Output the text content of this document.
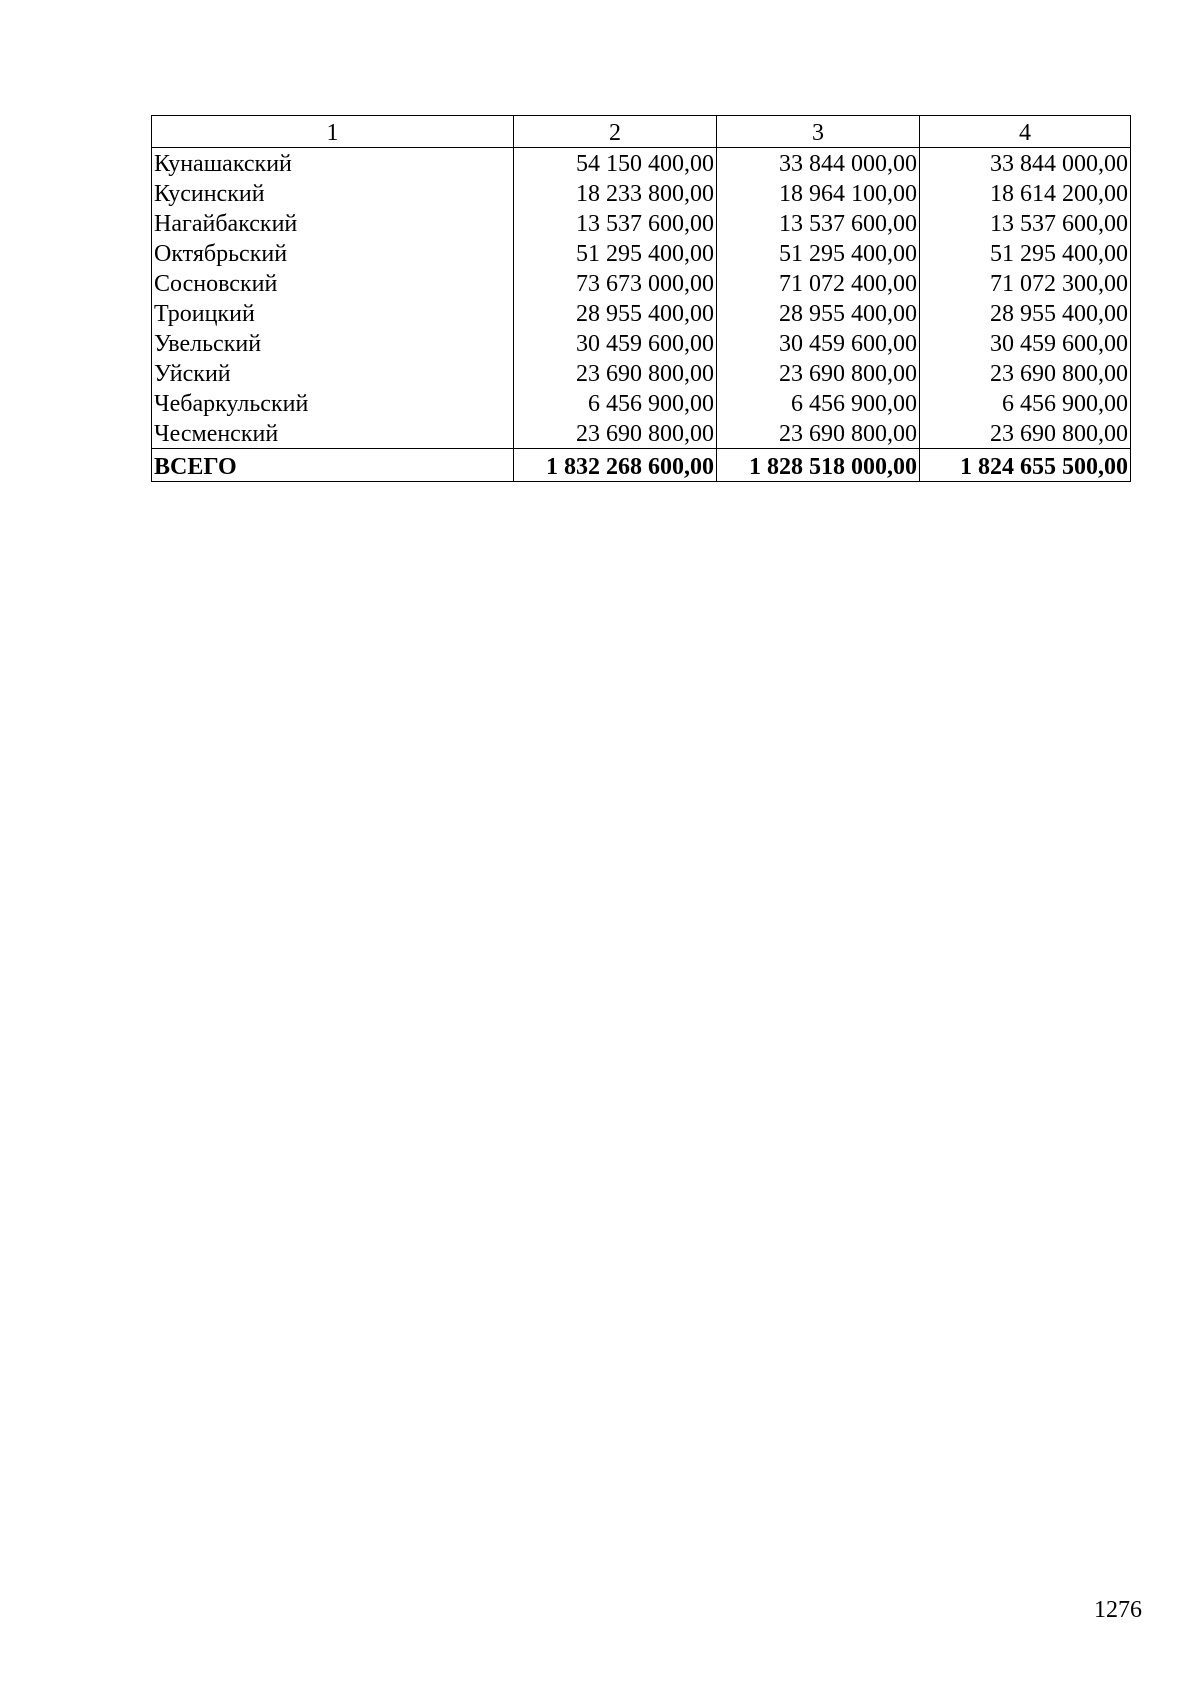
1	2	3	4
Кунашакский	54 150 400,00	33 844 000,00	33 844 000,00
Кусинский	18 233 800,00	18 964 100,00	18 614 200,00
Нагайбакский	13 537 600,00	13 537 600,00	13 537 600,00
Октябрьский	51 295 400,00	51 295 400,00	51 295 400,00
Сосновский	73 673 000,00	71 072 400,00	71 072 300,00
Троицкий	28 955 400,00	28 955 400,00	28 955 400,00
Увельский	30 459 600,00	30 459 600,00	30 459 600,00
Уйский	23 690 800,00	23 690 800,00	23 690 800,00
Чебаркульский	6 456 900,00	6 456 900,00	6 456 900,00
Чесменский	23 690 800,00	23 690 800,00	23 690 800,00
ВСЕГО	1 832 268 600,00	1 828 518 000,00	1 824 655 500,00
1276
